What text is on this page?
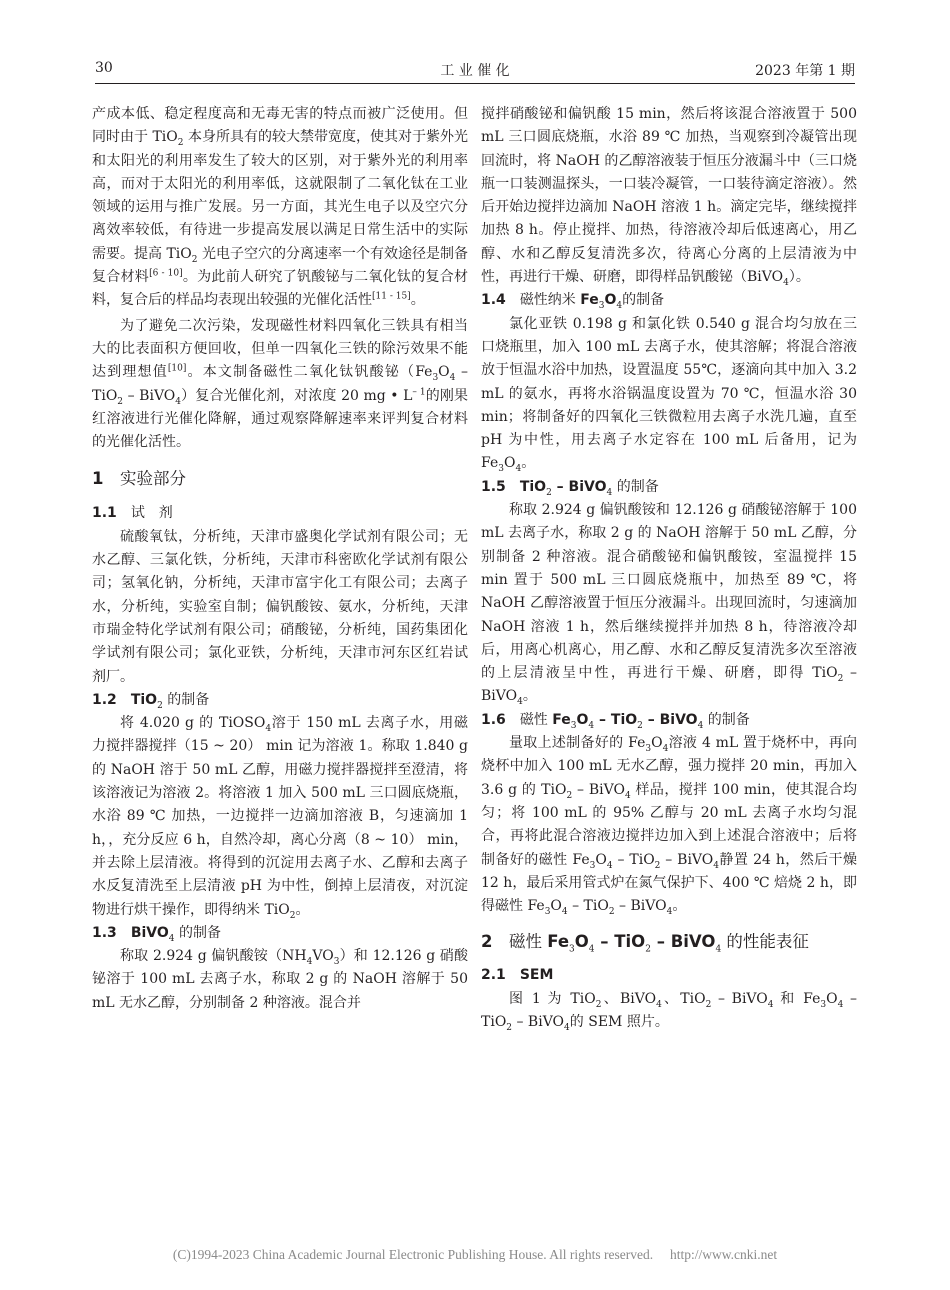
30	工 业 催 化	2023 年第 1 期

产成本低、稳定程度高和无毒无害的特点而被广泛使用。但同时由于 TiO$_2$ 本身所具有的较大禁带宽度，使其对于紫外光和太阳光的利用率发生了较大的区别，对于紫外光的利用率高，而对于太阳光的利用率低，这就限制了二氧化钛在工业领域的运用与推广发展。另一方面，其光生电子以及空穴分离效率较低，有待进一步提高发展以满足日常生活中的实际需要。提高 TiO$_2$ 光电子空穴的分离速率一个有效途径是制备复合材料[6 - 10]。为此前人研究了钒酸铋与二氧化钛的复合材料，复合后的样品均表现出较强的光催化活性[11 - 15]。

为了避免二次污染，发现磁性材料四氧化三铁具有相当大的比表面积方便回收，但单一四氧化三铁的除污效果不能达到理想值[10]。本文制备磁性二氧化钛钒酸铋（$Fe_3O_4 - TiO_2$ – BiVO$_4$）复合光催化剂，对浓度 20 mg • $L^{- 1}$的刚果红溶液进行光催化降解，通过观察降解速率来评判复合材料的光催化活性。

1　 实验部分
1.1　 试　剂

硫酸氧钛，分析纯，天津市盛奥化学试剂有限公司；无水乙醇、三氯化铁，分析纯，天津市科密欧化学试剂有限公司；氢氧化钠，分析纯，天津市富宇化工有限公司；去离子水，分析纯，实验室自制；偏钒酸铵、氨水，分析纯，天津市瑞金特化学试剂有限公司；硝酸铋，分析纯，国药集团化学试剂有限公司；氯化亚铁，分析纯，天津市河东区红岩试剂厂。

1.2　 TiO$_2$ 的制备

将 4.020 g 的 TiOSO$_4$溶于 150 mL 去离子水，用磁力搅拌器搅拌（15 ~ 20） min 记为溶液 1。称取 1.840 g 的 NaOH 溶于 50 mL 乙醇，用磁力搅拌器搅拌至澄清，将该溶液记为溶液 2。将溶液 1 加入 500 mL 三口圆底烧瓶，水浴 89 ℃ 加热，一边搅拌一边滴加溶液 B，匀速滴加 1 h，，充分反应 6 h，自然冷却，离心分离（8 ~ 10） min，并去除上层清液。将得到的沉淀用去离子水、乙醇和去离子水反复清洗至上层清液 pH 为中性，倒掉上层清夜，对沉淀物进行烘干操作，即得纳米 TiO$_2$。

1.3　 BiVO$_4$ 的制备

称取 2.924 g 偏钒酸铵$(NH_4VO_3)$和 12.126 g 硝酸铋溶于 100 mL 去离子水，称取 2 g 的 NaOH 溶解于 50 mL 无水乙醇，分别制备 2 种溶液。混合并

搅拌硝酸铋和偏钒酸 15 min，然后将该混合溶液置于 500 mL 三口圆底烧瓶，水浴 89 ℃ 加热，当观察到冷凝管出现回流时，将 NaOH 的乙醇溶液装于恒压分液漏斗中（三口烧瓶一口装测温探头，一口装冷凝管，一口装待滴定溶液）。然后开始边搅拌边滴加 NaOH 溶液 1 h。滴定完毕，继续搅拌加热 8 h。停止搅拌、加热，待溶液冷却后低速离心，用乙醇、水和乙醇反复清洗多次，待离心分离的上层清液为中性，再进行干燥、研磨，即得样品钒酸铋（BiVO$_4$）。

1.4　 磁性纳米 $Fe_3O_4$的制备

氯化亚铁 0.198 g 和氯化铁 0.540 g 混合均匀放在三口烧瓶里，加入 100 mL 去离子水，使其溶解；将混合溶液放于恒温水浴中加热，设置温度 55℃，逐滴向其中加入 3.2 mL 的氨水，再将水浴锅温度设置为 70 ℃，恒温水浴 30 min；将制备好的四氧化三铁微粒用去离子水洗几遍，直至 pH 为中性，用去离子水定容在 100 mL 后备用，记为 $Fe_3O_4$。

1.5　 TiO$_2$ – BiVO$_4$ 的制备

称取 2.924 g 偏钒酸铵和 12.126 g 硝酸铋溶解于 100 mL 去离子水，称取 2 g 的 NaOH 溶解于 50 mL 乙醇，分别制备 2 种溶液。混合硝酸铋和偏钒酸铵，室温搅拌 15 min 置于 500 mL 三口圆底烧瓶中，加热至 89 ℃，将 NaOH 乙醇溶液置于恒压分液漏斗。出现回流时，匀速滴加 NaOH 溶液 1 h，然后继续搅拌并加热 8 h，待溶液冷却后，用离心机离心，用乙醇、水和乙醇反复清洗多次至溶液的上层清液呈中性，再进行干燥、研磨，即得 TiO$_2$ – BiVO$_4$。

1.6　 磁性 $Fe_3O_4 - TiO_2$ – BiVO$_4$ 的制备

量取上述制备好的 $Fe_3O_4$溶液 4 mL 置于烧杯中，再向烧杯中加入 100 mL 无水乙醇，强力搅拌 20 min，再加入 3.6 g 的 TiO$_2$ – BiVO$_4$ 样品，搅拌 100 min，使其混合均匀；将 100 mL 的 95% 乙醇与 20 mL 去离子水均匀混合，再将此混合溶液边搅拌边加入到上述混合溶液中；后将制备好的磁性 $Fe_3O_4 - TiO_2$ – BiVO$_4$静置 24 h，然后干燥 12 h，最后采用管式炉在氮气保护下、400 ℃ 焙烧 2 h，即得磁性 $Fe_3O_4 - TiO_2$ – BiVO$_4$。

2　 磁性 $Fe_3O_4 - TiO_2$ – BiVO$_4$ 的性能表征
2.1　 SEM

图 1 为 TiO$_2$、BiVO$_4$、TiO$_2$ – BiVO$_4$ 和 $Fe_3O_4 - TiO_2$ – BiVO$_4$的 SEM 照片。

(C)1994-2023 China Academic Journal Electronic Publishing House. All rights reserved.　 http://www.cnki.net
